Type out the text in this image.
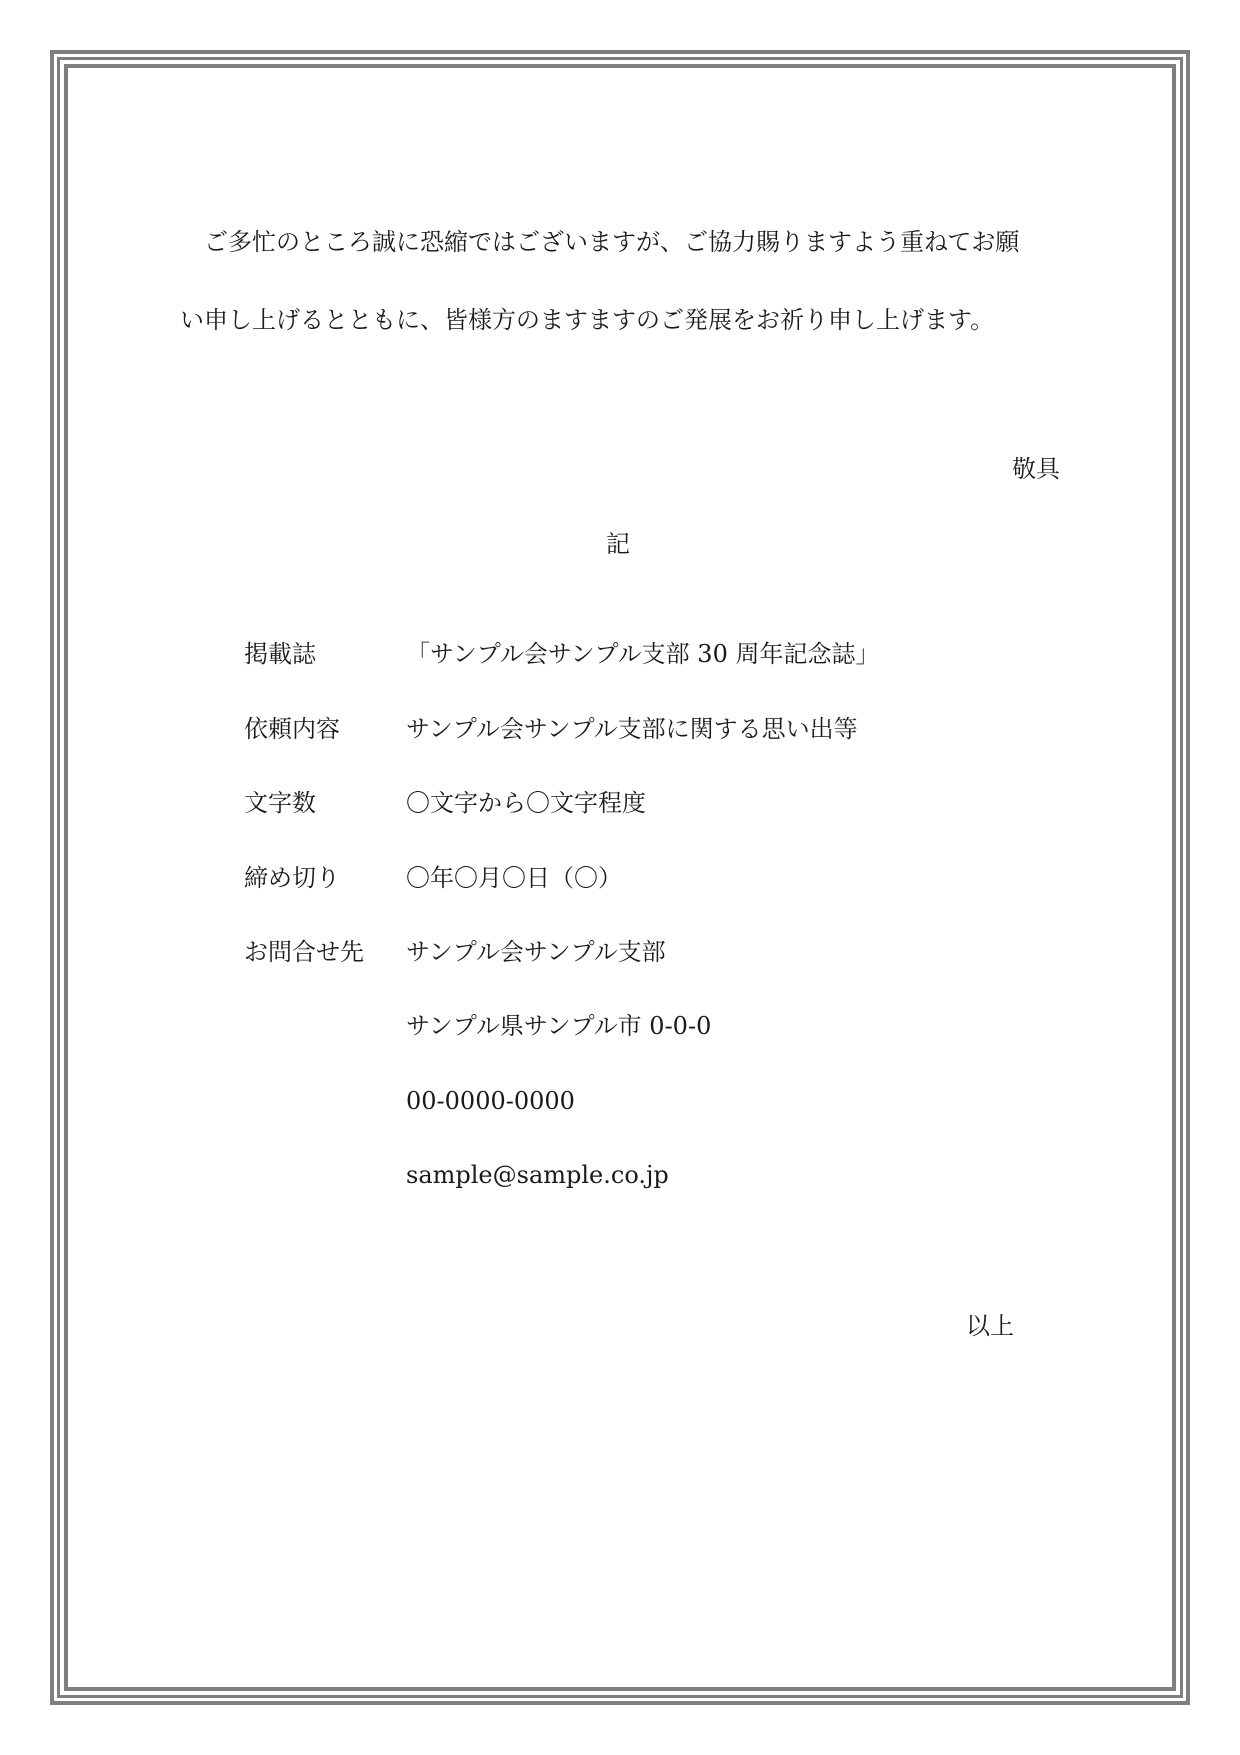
ご多忙のところ誠に恐縮ではございますが、ご協力賜りますよう重ねてお願
い申し上げるとともに、皆様方のますますのご発展をお祈り申し上げます。
敬具
記
掲載誌	「サンプル会サンプル支部 30 周年記念誌」
依頼内容	サンプル会サンプル支部に関する思い出等
文字数	〇文字から〇文字程度
締め切り	〇年〇月〇日（〇）
お問合せ先 サンプル会サンプル支部
サンプル県サンプル市 0-0-0
00-0000-0000
sample@sample.co.jp
以上
